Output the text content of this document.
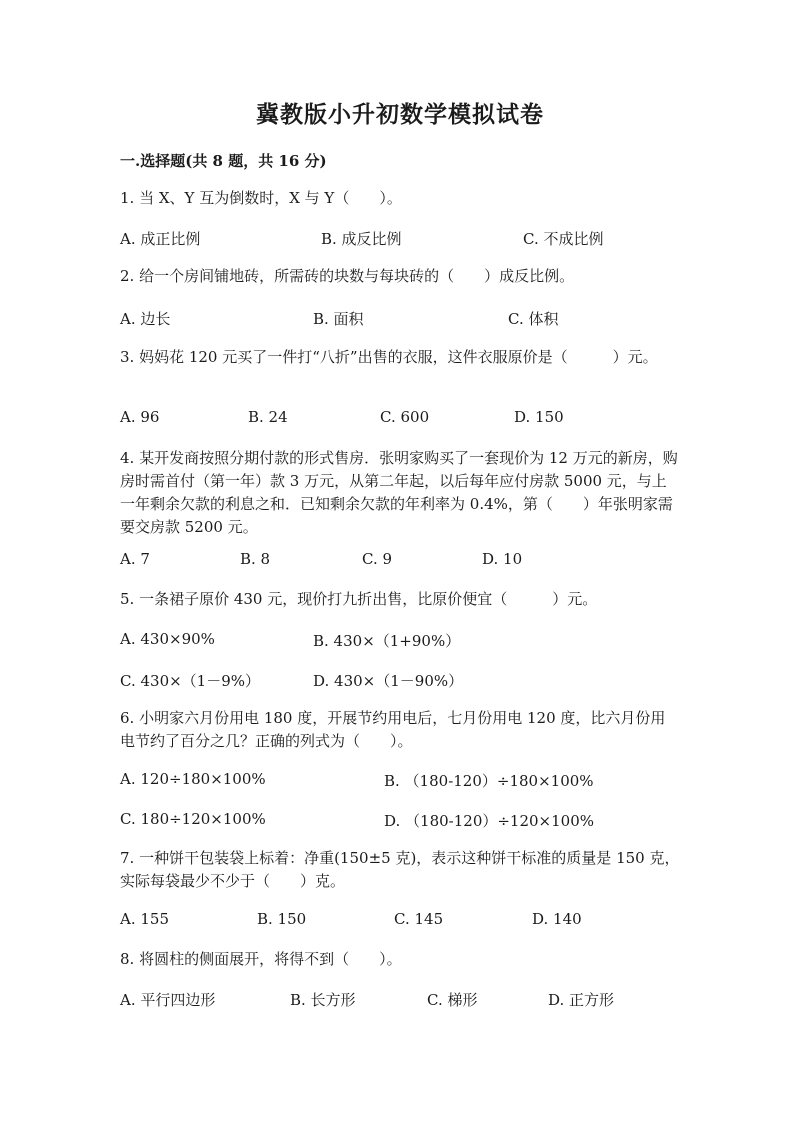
冀教版小升初数学模拟试卷
一.选择题(共 8 题，共 16 分)
1. 当 X、Y 互为倒数时，X 与 Y（　　）。
A. 成正比例	B. 成反比例	C. 不成比例
2. 给一个房间铺地砖，所需砖的块数与每块砖的（　　）成反比例。
A. 边长	B. 面积	C. 体积
3. 妈妈花 120 元买了一件打“八折”出售的衣服，这件衣服原价是（　　　）元。
A. 96	B. 24	C. 600	D. 150
4. 某开发商按照分期付款的形式售房．张明家购买了一套现价为 12 万元的新房，购房时需首付（第一年）款 3 万元，从第二年起，以后每年应付房款 5000 元，与上一年剩余欠款的利息之和．已知剩余欠款的年利率为 0.4%，第（　　）年张明家需要交房款 5200 元。
A. 7	B. 8	C. 9	D. 10
5. 一条裙子原价 430 元，现价打九折出售，比原价便宜（　　　）元。
A. 430×90%	B. 430×（1+90%）
C. 430×（1－9%）	D. 430×（1－90%）
6. 小明家六月份用电 180 度，开展节约用电后，七月份用电 120 度，比六月份用电节约了百分之几？正确的列式为（　　）。
A. 120÷180×100%	B. （180-120）÷180×100%
C. 180÷120×100%	D. （180-120）÷120×100%
7. 一种饼干包装袋上标着：净重(150±5 克)，表示这种饼干标准的质量是 150 克，实际每袋最少不少于（　　）克。
A. 155	B. 150	C. 145	D. 140
8. 将圆柱的侧面展开，将得不到（　　）。
A. 平行四边形	B. 长方形	C. 梯形	D. 正方形
